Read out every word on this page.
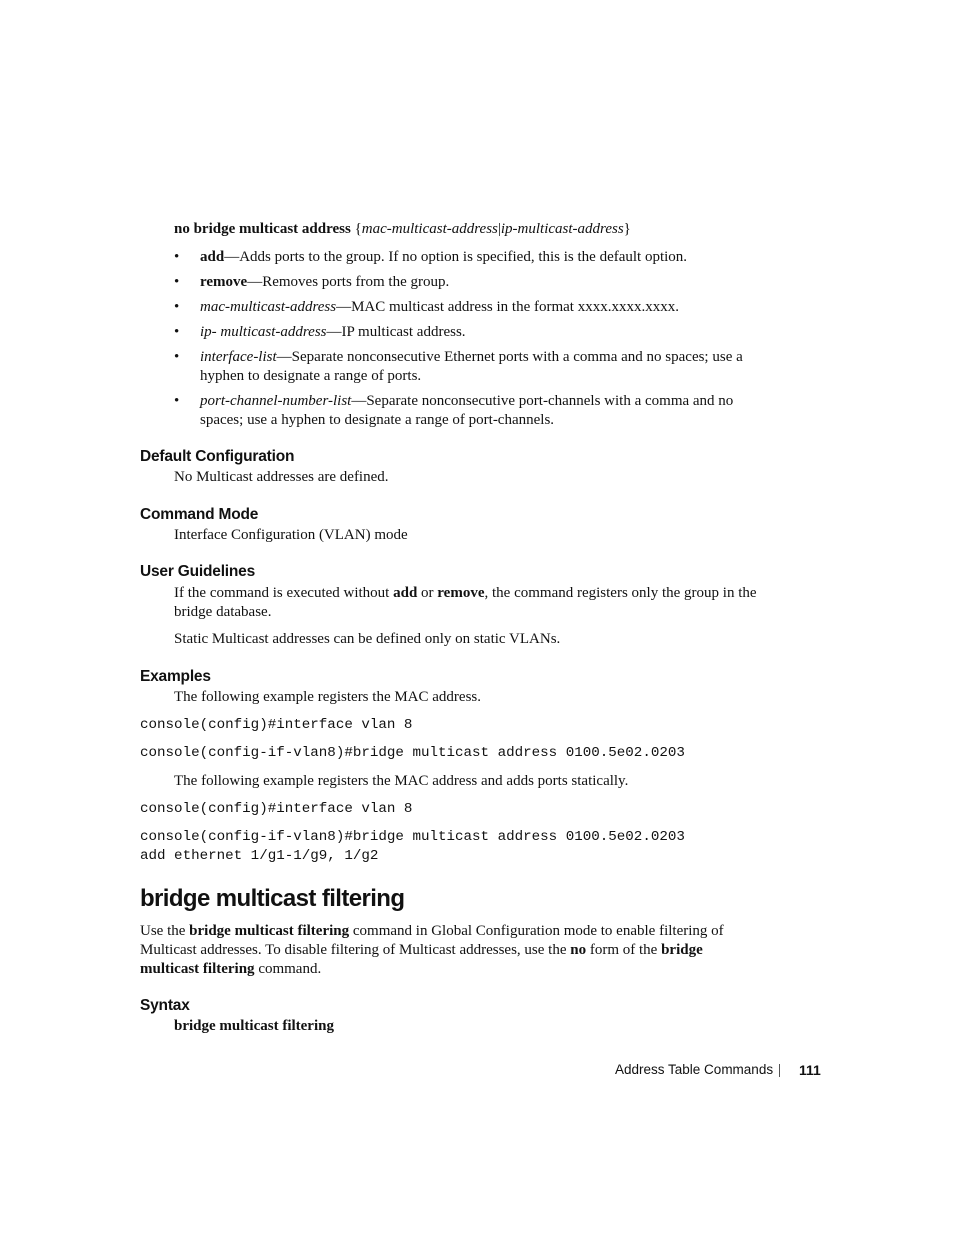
no bridge multicast address {mac-multicast-address|ip-multicast-address}
• add—Adds ports to the group. If no option is specified, this is the default option.
• remove—Removes ports from the group.
• mac-multicast-address—MAC multicast address in the format xxxx.xxxx.xxxx.
• ip- multicast-address—IP multicast address.
• interface-list—Separate nonconsecutive Ethernet ports with a comma and no spaces; use a hyphen to designate a range of ports.
• port-channel-number-list—Separate nonconsecutive port-channels with a comma and no spaces; use a hyphen to designate a range of port-channels.
Default Configuration
No Multicast addresses are defined.
Command Mode
Interface Configuration (VLAN) mode
User Guidelines
If the command is executed without add or remove, the command registers only the group in the bridge database.
Static Multicast addresses can be defined only on static VLANs.
Examples
The following example registers the MAC address.
console(config)#interface vlan 8
console(config-if-vlan8)#bridge multicast address 0100.5e02.0203
The following example registers the MAC address and adds ports statically.
console(config)#interface vlan 8
console(config-if-vlan8)#bridge multicast address 0100.5e02.0203
add ethernet 1/g1-1/g9, 1/g2
bridge multicast filtering
Use the bridge multicast filtering command in Global Configuration mode to enable filtering of Multicast addresses. To disable filtering of Multicast addresses, use the no form of the bridge multicast filtering command.
Syntax
bridge multicast filtering
Address Table Commands 111
